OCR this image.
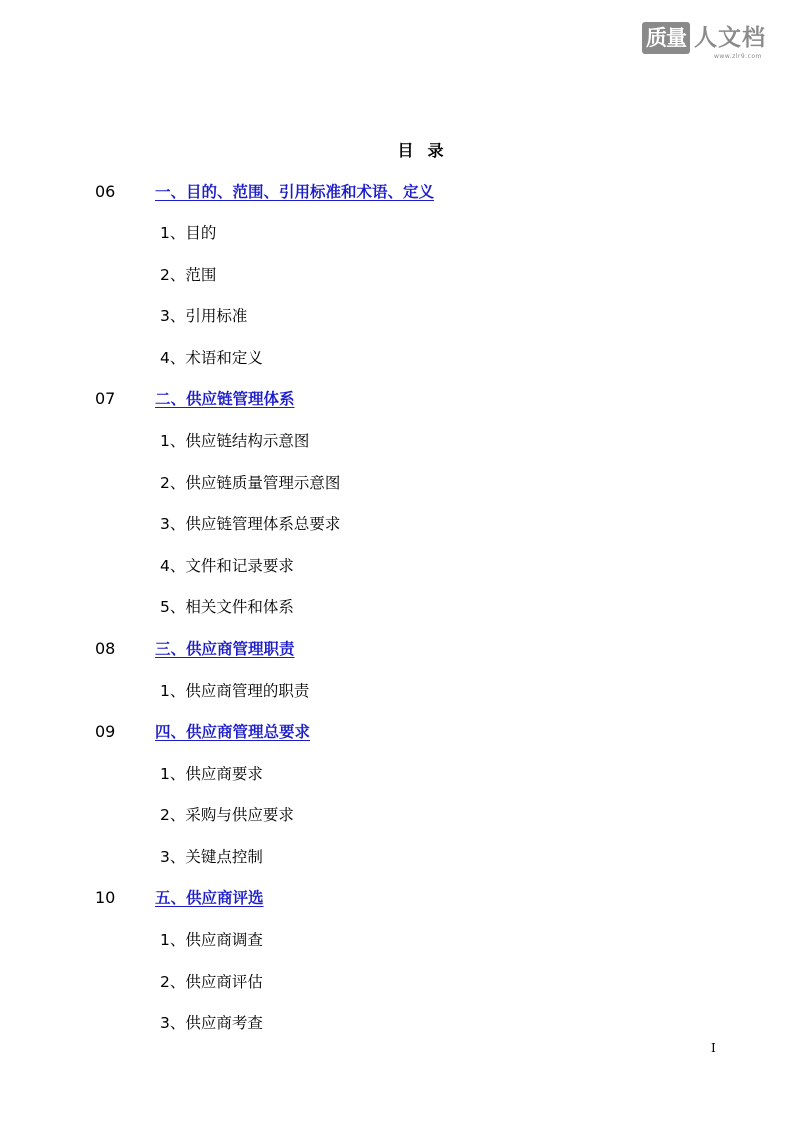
质量 人文档
www.zlr9.com
目 录
06	一、目的、范围、引用标准和术语、定义
1、目的
2、范围
3、引用标准
4、术语和定义
07	二、供应链管理体系
1、供应链结构示意图
2、供应链质量管理示意图
3、供应链管理体系总要求
4、文件和记录要求
5、相关文件和体系
08	三、供应商管理职责
1、供应商管理的职责
09	四、供应商管理总要求
1、供应商要求
2、采购与供应要求
3、关键点控制
10	五、供应商评选
1、供应商调查
2、供应商评估
3、供应商考查
I
